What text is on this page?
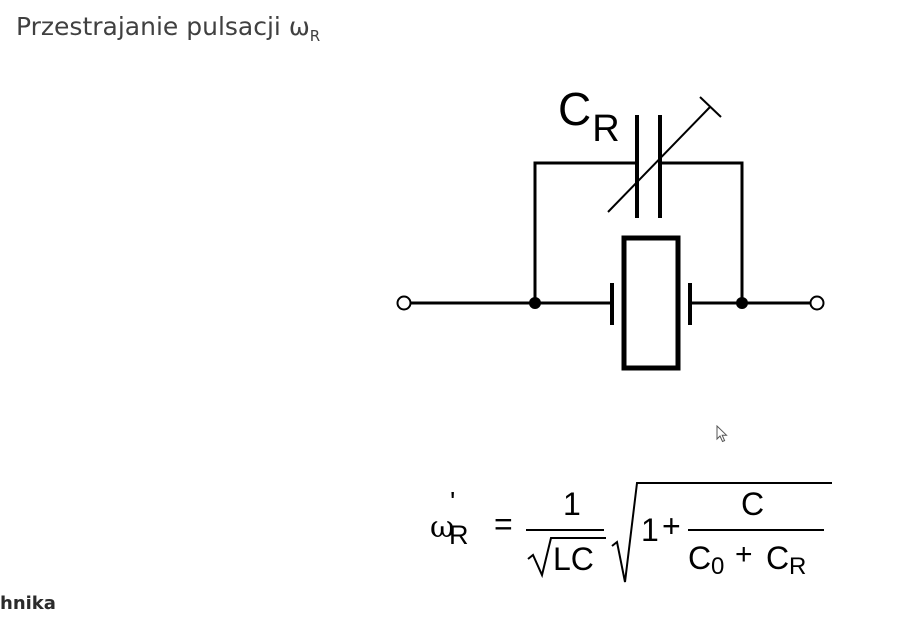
Przestrajanie pulsacji $\omega_R$
$C_R$
ω
'
R =
1
LC
1 +
C
C 0 + C R
hnika
